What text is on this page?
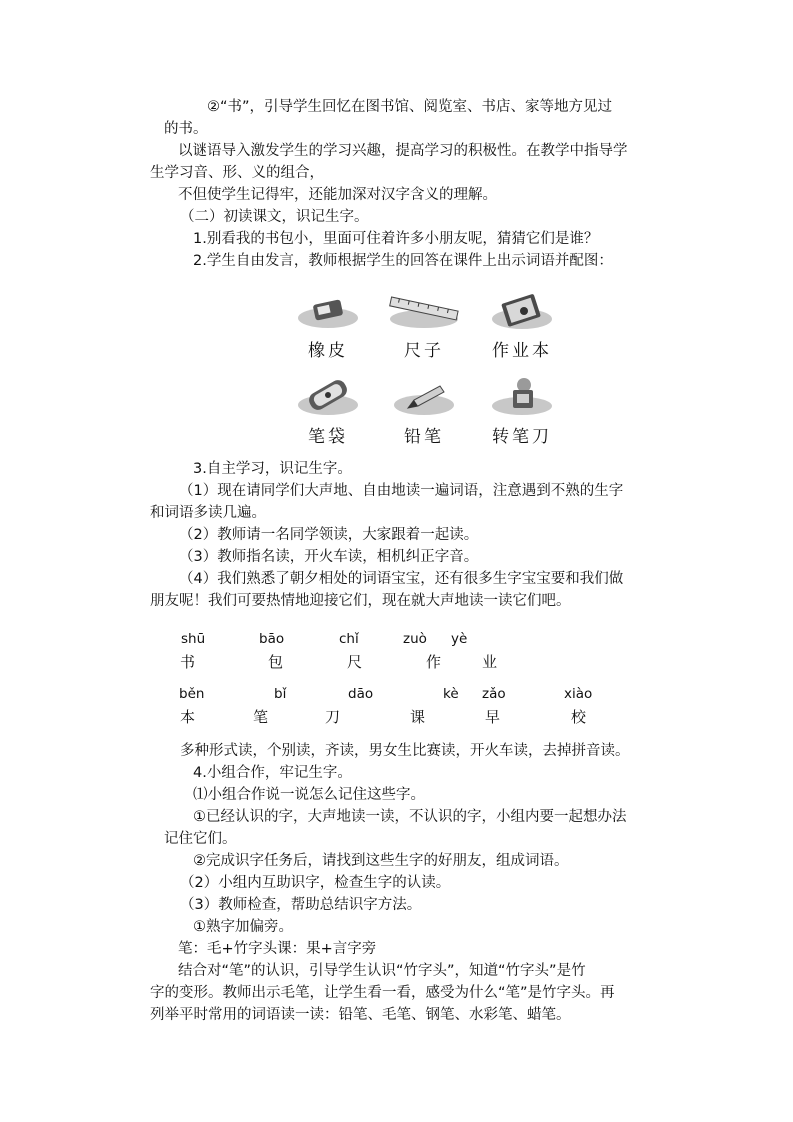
②“书”，引导学生回忆在图书馆、阅览室、书店、家等地方见过
的书。
以谜语导入激发学生的学习兴趣，提高学习的积极性。在教学中指导学
生学习音、形、义的组合，
不但使学生记得牢，还能加深对汉字含义的理解。
（二）初读课文，识记生字。
1.别看我的书包小，里面可住着许多小朋友呢，猜猜它们是谁？
2.学生自由发言，教师根据学生的回答在课件上出示词语并配图：
橡皮	尺子	作业本
笔袋	铅笔	转笔刀
3.自主学习，识记生字。
（1）现在请同学们大声地、自由地读一遍词语，注意遇到不熟的生字
和词语多读几遍。
（2）教师请一名同学领读，大家跟着一起读。
（3）教师指名读，开火车读，相机纠正字音。
（4）我们熟悉了朝夕相处的词语宝宝，还有很多生字宝宝要和我们做
朋友呢！我们可要热情地迎接它们，现在就大声地读一读它们吧。
shū	bāo	chǐ	zuò yè
书	包	尺	作	业
běn	bǐ	dāo	kè zǎo	xiào
本	笔	刀	课	早	校
多种形式读，个别读，齐读，男女生比赛读，开火车读，去掉拼音读。
4.小组合作，牢记生字。
⑴小组合作说一说怎么记住这些字。
①已经认识的字，大声地读一读，不认识的字，小组内要一起想办法
记住它们。
②完成识字任务后，请找到这些生字的好朋友，组成词语。
（2）小组内互助识字，检查生字的认读。
（3）教师检查，帮助总结识字方法。
①熟字加偏旁。
笔：毛+竹字头课：果+言字旁
结合对“笔”的认识，引导学生认识“竹字头”，知道“竹字头”是竹
字的变形。教师出示毛笔，让学生看一看，感受为什么“笔”是竹字头。再
列举平时常用的词语读一读：铅笔、毛笔、钢笔、水彩笔、蜡笔。
